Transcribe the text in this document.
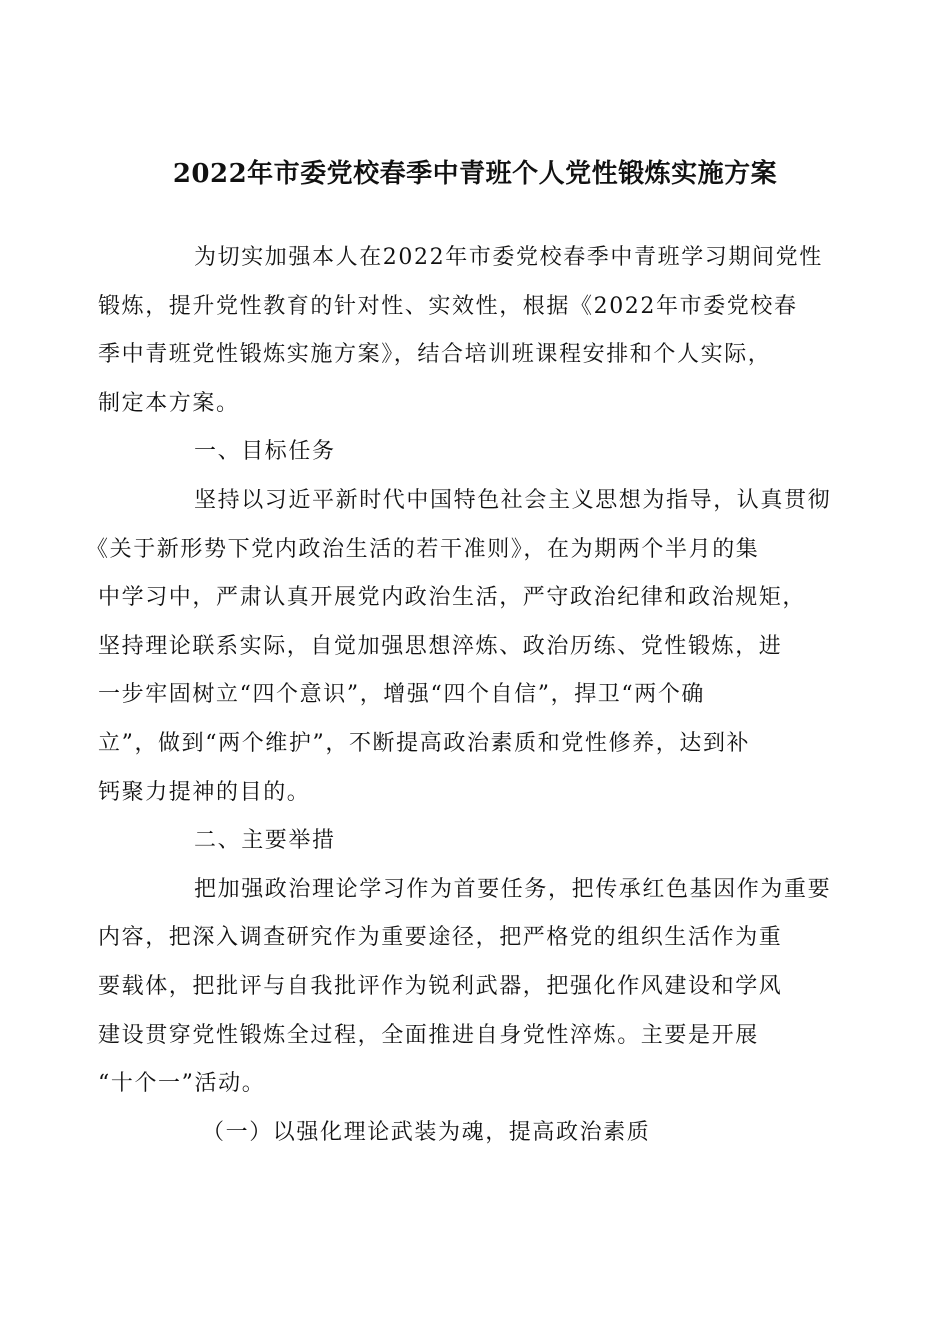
2022年市委党校春季中青班个人党性锻炼实施方案

为切实加强本人在2022年市委党校春季中青班学习期间党性
锻炼，提升党性教育的针对性、实效性，根据《2022年市委党校春
季中青班党性锻炼实施方案》，结合培训班课程安排和个人实际，
制定本方案。

一、目标任务

坚持以习近平新时代中国特色社会主义思想为指导，认真贯彻
《关于新形势下党内政治生活的若干准则》，在为期两个半月的集
中学习中，严肃认真开展党内政治生活，严守政治纪律和政治规矩，
坚持理论联系实际，自觉加强思想淬炼、政治历练、党性锻炼，进
一步牢固树立“四个意识”，增强“四个自信”，捍卫“两个确
立”，做到“两个维护”，不断提高政治素质和党性修养，达到补
钙聚力提神的目的。

二、主要举措

把加强政治理论学习作为首要任务，把传承红色基因作为重要
内容，把深入调查研究作为重要途径，把严格党的组织生活作为重
要载体，把批评与自我批评作为锐利武器，把强化作风建设和学风
建设贯穿党性锻炼全过程，全面推进自身党性淬炼。主要是开展
“十个一”活动。

（一）以强化理论武装为魂，提高政治素质
